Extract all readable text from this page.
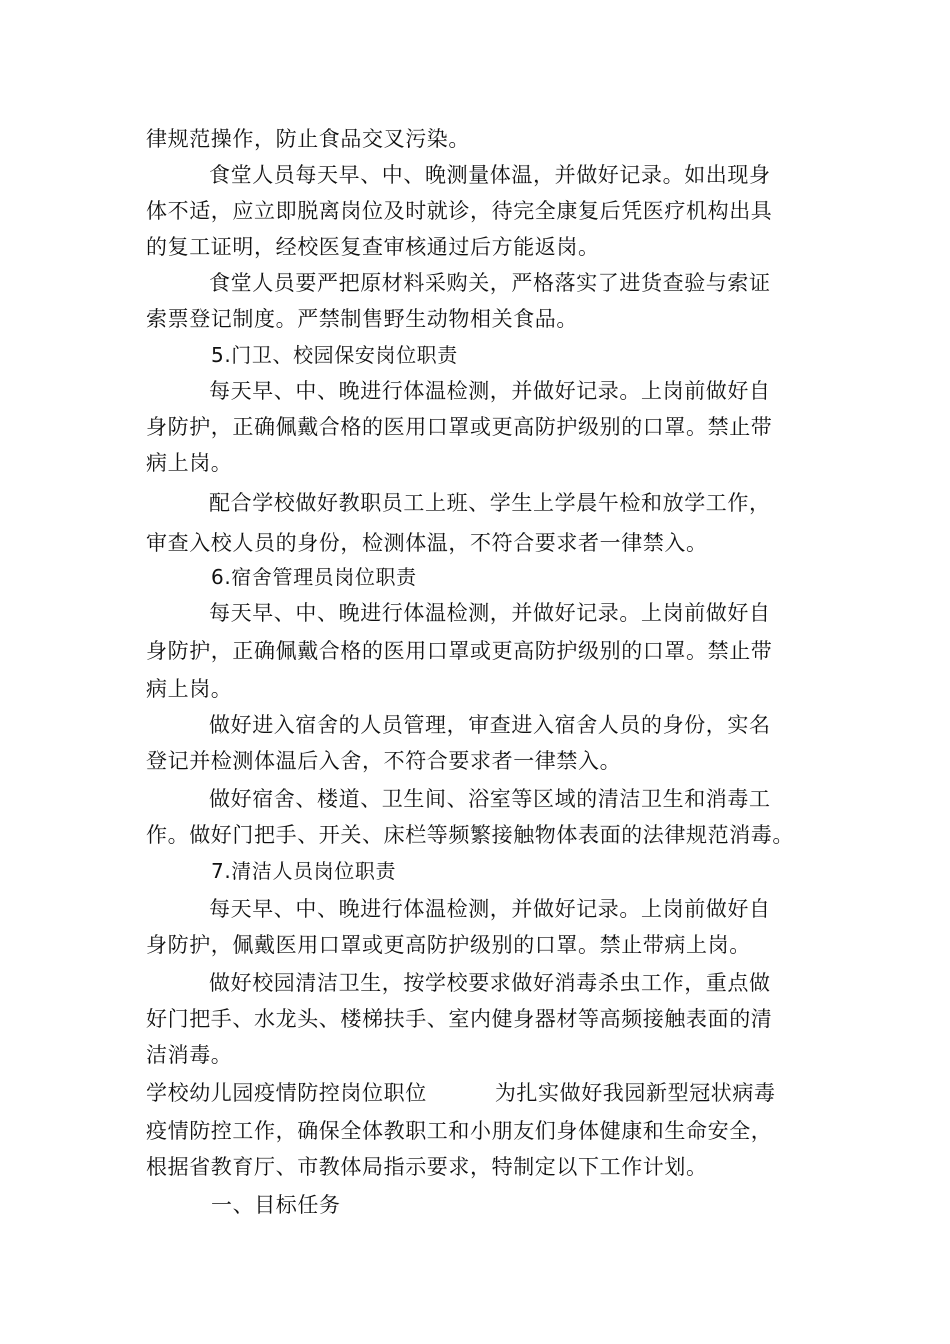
律规范操作，防止食品交叉污染。
食堂人员每天早、中、晚测量体温，并做好记录。如出现身
体不适，应立即脱离岗位及时就诊，待完全康复后凭医疗机构出具
的复工证明，经校医复查审核通过后方能返岗。
食堂人员要严把原材料采购关，严格落实了进货查验与索证
索票登记制度。严禁制售野生动物相关食品。
5.门卫、校园保安岗位职责
每天早、中、晚进行体温检测，并做好记录。上岗前做好自
身防护，正确佩戴合格的医用口罩或更高防护级别的口罩。禁止带
病上岗。
配合学校做好教职员工上班、学生上学晨午检和放学工作，
审查入校人员的身份，检测体温，不符合要求者一律禁入。
6.宿舍管理员岗位职责
每天早、中、晚进行体温检测，并做好记录。上岗前做好自
身防护，正确佩戴合格的医用口罩或更高防护级别的口罩。禁止带
病上岗。
做好进入宿舍的人员管理，审查进入宿舍人员的身份，实名
登记并检测体温后入舍，不符合要求者一律禁入。
做好宿舍、楼道、卫生间、浴室等区域的清洁卫生和消毒工
作。做好门把手、开关、床栏等频繁接触物体表面的法律规范消毒。
7.清洁人员岗位职责
每天早、中、晚进行体温检测，并做好记录。上岗前做好自
身防护，佩戴医用口罩或更高防护级别的口罩。禁止带病上岗。
做好校园清洁卫生，按学校要求做好消毒杀虫工作，重点做
好门把手、水龙头、楼梯扶手、室内健身器材等高频接触表面的清
洁消毒。
学校幼儿园疫情防控岗位职位	为扎实做好我园新型冠状病毒
疫情防控工作，确保全体教职工和小朋友们身体健康和生命安全，
根据省教育厅、市教体局指示要求，特制定以下工作计划。
一、目标任务
